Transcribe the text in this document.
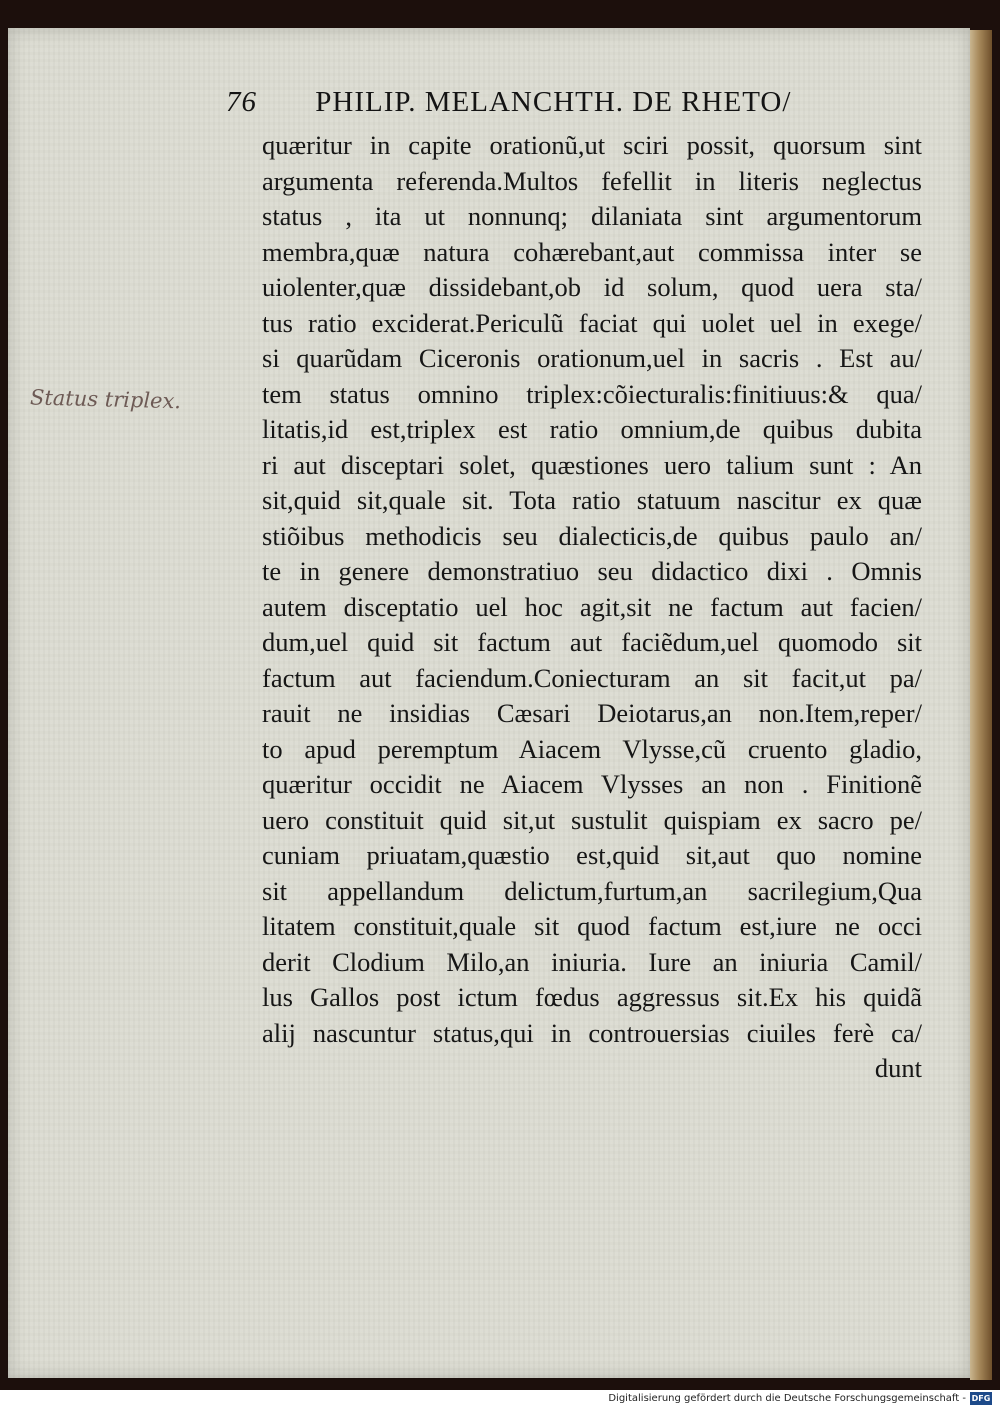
76 PHILIP. MELANCHTH. DE RHETO/
Status triplex.
quæritur in capite orationũ,ut sciri possit, quorsum sint
argumenta referenda.Multos fefellit in literis neglectus
status , ita ut nonnunq; dilaniata sint argumentorum
membra,quæ natura cohærebant,aut commissa inter se
uiolenter,quæ dissidebant,ob id solum, quod uera sta/
tus ratio exciderat.Periculũ faciat qui uolet uel in exege/
si quarũdam Ciceronis orationum,uel in sacris . Est au/
tem status omnino triplex:cõiecturalis:finitiuus:& qua/
litatis,id est,triplex est ratio omnium,de quibus dubita
ri aut disceptari solet, quæstiones uero talium sunt : An
sit,quid sit,quale sit. Tota ratio statuum nascitur ex quæ
stiõibus methodicis seu dialecticis,de quibus paulo an/
te in genere demonstratiuo seu didactico dixi . Omnis
autem disceptatio uel hoc agit,sit ne factum aut facien/
dum,uel quid sit factum aut faciẽdum,uel quomodo sit
factum aut faciendum.Coniecturam an sit facit,ut pa/
rauit ne insidias Cæsari Deiotarus,an non.Item,reper/
to apud peremptum Aiacem Vlysse,cũ cruento gladio,
quæritur occidit ne Aiacem Vlysses an non . Finitionẽ
uero constituit quid sit,ut sustulit quispiam ex sacro pe/
cuniam priuatam,quæstio est,quid sit,aut quo nomine
sit appellandum delictum,furtum,an sacrilegium,Qua
litatem constituit,quale sit quod factum est,iure ne occi
derit Clodium Milo,an iniuria. Iure an iniuria Camil/
lus Gallos post ictum fœdus aggressus sit.Ex his quidã
alij nascuntur status,qui in controuersias ciuiles ferè ca/
dunt
Digitalisierung gefördert durch die Deutsche Forschungsgemeinschaft - DFG
